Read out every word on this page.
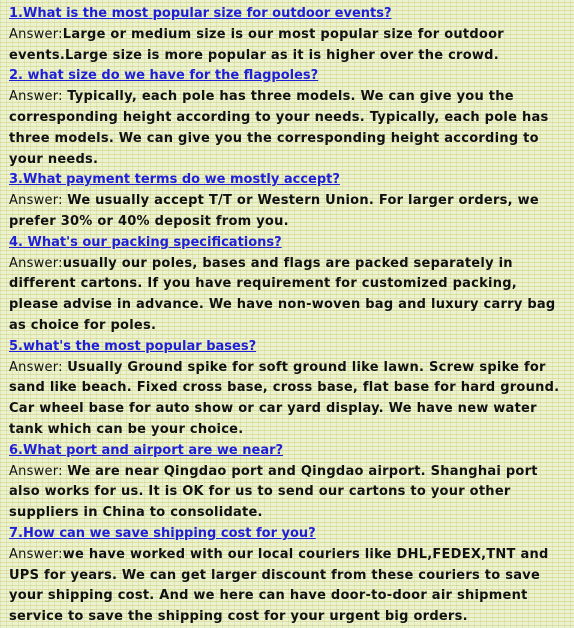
1.What is the most popular size for outdoor events?

Answer:Large or medium size is our most popular size for outdoor events.Large size is more popular as it is higher over the crowd.

2. what size do we have for the flagpoles?

Answer: Typically, each pole has three models. We can give you the corresponding height according to your needs. Typically, each pole has three models. We can give you the corresponding height according to your needs.

3.What payment terms do we mostly accept?

Answer: We usually accept T/T or Western Union. For larger orders, we prefer 30% or 40% deposit from you.

4. What's our packing specifications?

Answer:usually our poles, bases and flags are packed separately in different cartons. If you have requirement for customized packing, please advise in advance. We have non-woven bag and luxury carry bag as choice for poles.

5.what's the most popular bases?

Answer: Usually Ground spike for soft ground like lawn. Screw spike for sand like beach. Fixed cross base, cross base, flat base for hard ground. Car wheel base for auto show or car yard display. We have new water tank which can be your choice.

6.What port and airport are we near?

Answer: We are near Qingdao port and Qingdao airport. Shanghai port also works for us. It is OK for us to send our cartons to your other suppliers in China to consolidate.

7.How can we save shipping cost for you?

Answer:we have worked with our local couriers like DHL,FEDEX,TNT and UPS for years. We can get larger discount from these couriers to save your shipping cost. And we here can have door-to-door air shipment service to save the shipping cost for your urgent big orders.
